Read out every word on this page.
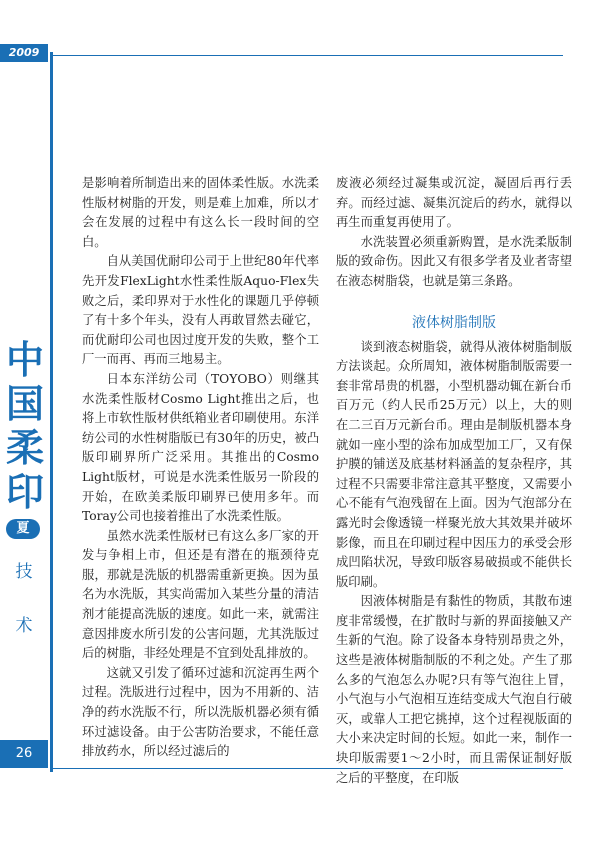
2009
中国柔印
夏
技
术
26

是影响着所制造出来的固体柔性版。水洗柔性版材树脂的开发，则是难上加难，所以才会在发展的过程中有这么长一段时间的空白。

自从美国优耐印公司于上世纪80年代率先开发FlexLight水性柔性版Aquo-Flex失败之后，柔印界对于水性化的课题几乎停顿了有十多个年头，没有人再敢冒然去碰它，而优耐印公司也因过度开发的失败，整个工厂一而再、再而三地易主。

日本东洋纺公司（TOYOBO）则继其水洗柔性版材Cosmo Light推出之后，也将上市软性版材供纸箱业者印刷使用。东洋纺公司的水性树脂版已有30年的历史，被凸版印刷界所广泛采用。其推出的Cosmo Light版材，可说是水洗柔性版另一阶段的开始，在欧美柔版印刷界已使用多年。而Toray公司也接着推出了水洗柔性版。

虽然水洗柔性版材已有这么多厂家的开发与争相上市，但还是有潜在的瓶颈待克服，那就是洗版的机器需重新更换。因为虽名为水洗版，其实尚需加入某些分量的清洁剂才能提高洗版的速度。如此一来，就需注意因排废水所引发的公害问题，尤其洗版过后的树脂，非经处理是不宜到处乱排放的。

这就又引发了循环过滤和沉淀再生两个过程。洗版进行过程中，因为不用新的、洁净的药水洗版不行，所以洗版机器必须有循环过滤设备。由于公害防治要求，不能任意排放药水，所以经过滤后的

废液必须经过凝集或沉淀，凝固后再行丢弃。而经过滤、凝集沉淀后的药水，就得以再生而重复再使用了。

水洗装置必须重新购置，是水洗柔版制版的致命伤。因此又有很多学者及业者寄望在液态树脂袋，也就是第三条路。

液体树脂制版

谈到液态树脂袋，就得从液体树脂制版方法谈起。众所周知，液体树脂制版需要一套非常昂贵的机器，小型机器动辄在新台币百万元（约人民币25万元）以上，大的则在二三百万元新台币。理由是制版机器本身就如一座小型的涂布加成型加工厂，又有保护膜的铺送及底基材料涵盖的复杂程序，其过程不只需要非常注意其平整度，又需要小心不能有气泡残留在上面。因为气泡部分在露光时会像透镜一样聚光放大其效果并破坏影像，而且在印刷过程中因压力的承受会形成凹陷状况，导致印版容易破损或不能供长版印刷。

因液体树脂是有黏性的物质，其散布速度非常缓慢，在扩散时与新的界面接触又产生新的气泡。除了设备本身特别昂贵之外，这些是液体树脂制版的不利之处。产生了那么多的气泡怎么办呢?只有等气泡往上冒，小气泡与小气泡相互连结变成大气泡自行破灭，或靠人工把它挑掉，这个过程视版面的大小来决定时间的长短。如此一来，制作一块印版需要1～2小时，而且需保证制好版之后的平整度，在印版
